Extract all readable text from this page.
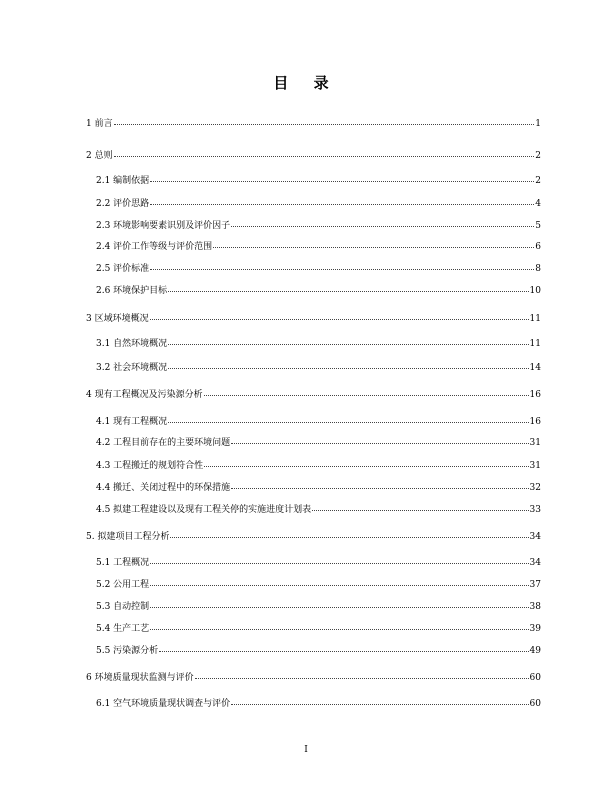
目 录
1 前言	1
2 总则	2
2.1 编制依据	2
2.2 评价思路	4
2.3 环境影响要素识别及评价因子	5
2.4 评价工作等级与评价范围	6
2.5 评价标准	8
2.6 环境保护目标	10
3 区域环境概况	11
3.1 自然环境概况	11
3.2 社会环境概况	14
4 现有工程概况及污染源分析	16
4.1 现有工程概况	16
4.2 工程目前存在的主要环境问题	31
4.3 工程搬迁的规划符合性	31
4.4 搬迁、关闭过程中的环保措施	32
4.5 拟建工程建设以及现有工程关停的实施进度计划表	33
5. 拟建项目工程分析	34
5.1 工程概况	34
5.2 公用工程	37
5.3 自动控制	38
5.4 生产工艺	39
5.5 污染源分析	49
6 环境质量现状监测与评价	60
6.1 空气环境质量现状调查与评价	60
I
